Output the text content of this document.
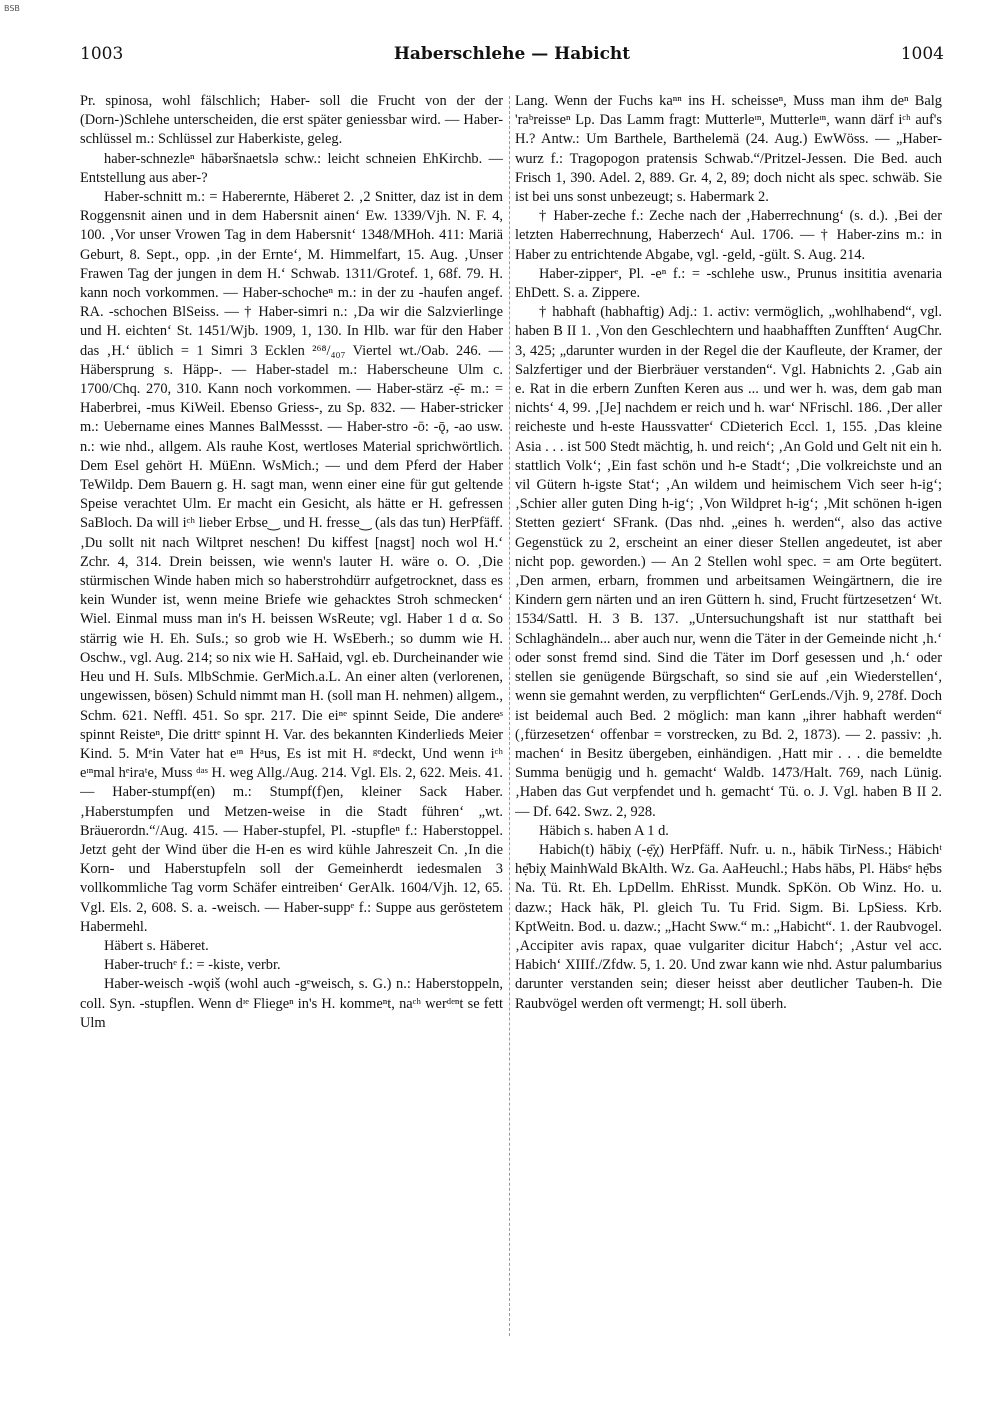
BSB
1003	Haberschlehe — Habicht	1004

Pr. spinosa, wohl fälschlich; Haber- soll die Frucht von der der (Dorn-)Schlehe unterscheiden, die erst später geniessbar wird. — Haber-schlüssel m.: Schlüssel zur Haberkiste, geleg.

haber-schnezleⁿ hābəršnaetslə schw.: leicht schneien EhKirchb. — Entstellung aus aber-?

Haber-schnitt m.: = Haberernte, Häberet 2. ‚2 Snitter, daz ist in dem Roggensnit ainen und in dem Habersnit ainen‘ Ew. 1339/Vjh. N. F. 4, 100. ‚Vor unser Vrowen Tag in dem Habersnit‘ 1348/MHoh. 411: Mariä Geburt, 8. Sept., opp. ‚in der Ernte‘, M. Himmelfart, 15. Aug. ‚Unser Frawen Tag der jungen in dem H.‘ Schwab. 1311/Grotef. 1, 68f. 79. H. kann noch vorkommen. — Haber-schocheⁿ m.: in der zu -haufen angef. RA. -schochen BlSeiss. — † Haber-simri n.: ‚Da wir die Salzvierlinge und H. eichten‘ St. 1451/Wjb. 1909, 1, 130. In Hlb. war für den Haber das ‚H.‘ üblich = 1 Simri 3 Ecklen ²⁶⁸/₄₀₇ Viertel wt./Oab. 246. — Häbersprung s. Häpp-. — Haber-stadel m.: Haberscheune Ulm c. 1700/Chq. 270, 310. Kann noch vorkommen. — Haber-stärz -ẹ̄- m.: = Haberbrei, -mus KiWeil. Ebenso Griess-, zu Sp. 832. — Haber-stricker m.: Uebername eines Mannes BalMessst. — Haber-stro -ō: -ǭ, -ao usw. n.: wie nhd., allgem. Als rauhe Kost, wertloses Material sprichwörtlich. Dem Esel gehört H. MüEnn. WsMich.; — und dem Pferd der Haber TeWildp. Dem Bauern g. H. sagt man, wenn einer eine für gut geltende Speise verachtet Ulm. Er macht ein Gesicht, als hätte er H. gefressen SaBloch. Da will iᶜʰ lieber Erbse‿ und H. fresse‿ (als das tun) HerPfäff. ‚Du sollt nit nach Wiltpret neschen! Du kiffest [nagst] noch wol H.‘ Zchr. 4, 314. Drein beissen, wie wenn's lauter H. wäre o. O. ‚Die stürmischen Winde haben mich so haberstrohdürr aufgetrocknet, dass es kein Wunder ist, wenn meine Briefe wie gehacktes Stroh schmecken‘ Wiel. Einmal muss man in's H. beissen WsReute; vgl. Haber 1 d α. So stärrig wie H. Eh. SuIs.; so grob wie H. WsEberh.; so dumm wie H. Oschw., vgl. Aug. 214; so nix wie H. SaHaid, vgl. eb. Durcheinander wie Heu und H. SuIs. MlbSchmie. GerMich.a.L. An einer alten (verlorenen, ungewissen, bösen) Schuld nimmt man H. (soll man H. nehmen) allgem., Schm. 621. Neffl. 451. So spr. 217. Die eiⁿᵉ spinnt Seide, Die andereˢ spinnt Reisteⁿ, Die drittᵉ spinnt H. Var. des bekannten Kinderlieds Meier Kind. 5. Mᵉin Vater hat eᶦⁿ Hᵃus, Es ist mit H. ᵍᵉdeckt, Und wenn iᶜʰ eᶦⁿmal hᵉiraᵗe, Muss ᵈᵃˢ H. weg Allg./Aug. 214. Vgl. Els. 2, 622. Meis. 41. — Haber-stumpf(en) m.: Stumpf(f)en, kleiner Sack Haber. ‚Haberstumpfen und Metzen-weise in die Stadt führen‘ „wt. Bräuerordn.“/Aug. 415. — Haber-stupfel, Pl. -stupfleⁿ f.: Haberstoppel. Jetzt geht der Wind über die H-en es wird kühle Jahreszeit Cn. ‚In die Korn- und Haberstupfeln soll der Gemeinherdt iedesmalen 3 vollkommliche Tag vorm Schäfer eintreiben‘ GerAlk. 1604/Vjh. 12, 65. Vgl. Els. 2, 608. S. a. -weisch. — Haber-suppᵉ f.: Suppe aus geröstetem Habermehl.

Häbert s. Häberet.

Haber-truchᵉ f.: = -kiste, verbr.

Haber-weisch -wǫiš (wohl auch -gᵉweisch, s. G.) n.: Haberstoppeln, coll. Syn. -stupflen. Wenn dᶦᵉ Fliegeⁿ in's H. kommeⁿt, naᶜʰ werᵈᵉⁿt se fett Ulm

Lang. Wenn der Fuchs kaⁿⁿ ins H. scheisseⁿ, Muss man ihm deⁿ Balg 'raᵇreisseⁿ Lp. Das Lamm fragt: Mutterleᶦⁿ, Mutterleᶦⁿ, wann därf iᶜʰ auf's H.? Antw.: Um Barthele, Barthelemä (24. Aug.) EwWöss. — „Haber-wurz f.: Tragopogon pratensis Schwab.“/Pritzel-Jessen. Die Bed. auch Frisch 1, 390. Adel. 2, 889. Gr. 4, 2, 89; doch nicht als spec. schwäb. Sie ist bei uns sonst unbezeugt; s. Habermark 2.

† Haber-zeche f.: Zeche nach der ‚Haberrechnung‘ (s. d.). ‚Bei der letzten Haberrechnung, Haberzech‘ Aul. 1706. — † Haber-zins m.: in Haber zu entrichtende Abgabe, vgl. -geld, -gült. S. Aug. 214.

Haber-zipperᵉ, Pl. -eⁿ f.: = -schlehe usw., Prunus insititia avenaria EhDett. S. a. Zippere.

† habhaft (habhaftig) Adj.: 1. activ: vermöglich, „wohlhabend“, vgl. haben B II 1. ‚Von den Geschlechtern und haabhafften Zunfften‘ AugChr. 3, 425; „darunter wurden in der Regel die der Kaufleute, der Kramer, der Salzfertiger und der Bierbräuer verstanden“. Vgl. Habnichts 2. ‚Gab ain e. Rat in die erbern Zunften Keren aus ... und wer h. was, dem gab man nichts‘ 4, 99. ‚[Je] nachdem er reich und h. war‘ NFrischl. 186. ‚Der aller reicheste und h-este Haussvatter‘ CDieterich Eccl. 1, 155. ‚Das kleine Asia . . . ist 500 Stedt mächtig, h. und reich‘; ‚An Gold und Gelt nit ein h. stattlich Volk‘; ‚Ein fast schön und h-e Stadt‘; ‚Die volkreichste und an vil Gütern h-igste Stat‘; ‚An wildem und heimischem Vich seer h-ig‘; ‚Schier aller guten Ding h-ig‘; ‚Von Wildpret h-ig‘; ‚Mit schönen h-igen Stetten geziert‘ SFrank. (Das nhd. „eines h. werden“, also das active Gegenstück zu 2, erscheint an einer dieser Stellen angedeutet, ist aber nicht pop. geworden.) — An 2 Stellen wohl spec. = am Orte begütert. ‚Den armen, erbarn, frommen und arbeitsamen Weingärtnern, die ire Kindern gern närten und an iren Güttern h. sind, Frucht fürtzesetzen‘ Wt. 1534/Sattl. H. 3 B. 137. „Untersuchungshaft ist nur statthaft bei Schlaghändeln... aber auch nur, wenn die Täter in der Gemeinde nicht ‚h.‘ oder sonst fremd sind. Sind die Täter im Dorf gesessen und ‚h.‘ oder stellen sie genügende Bürgschaft, so sind sie auf ‚ein Wiederstellen‘, wenn sie gemahnt werden, zu verpflichten“ GerLends./Vjh. 9, 278f. Doch ist beidemal auch Bed. 2 möglich: man kann „ihrer habhaft werden“ (‚fürzesetzen‘ offenbar = vorstrecken, zu Bd. 2, 1873). — 2. passiv: ‚h. machen‘ in Besitz übergeben, einhändigen. ‚Hatt mir . . . die bemeldte Summa benügig und h. gemacht‘ Waldb. 1473/Halt. 769, nach Lünig. ‚Haben das Gut verpfendet und h. gemacht‘ Tü. o. J. Vgl. haben B II 2. — Df. 642. Swz. 2, 928.

Häbich s. haben A 1 d.

Habich(t) hābiχ (-ẹ̄χ) HerPfäff. Nufr. u. n., hābik TirNess.; Häbichᵗ hẹ̄biχ MainhWald BkAlth. Wz. Ga. AaHeuchl.; Habs hābs, Pl. Häbsᵉ hẹ̄bs Na. Tü. Rt. Eh. LpDellm. EhRisst. Mundk. SpKön. Ob Winz. Ho. u. dazw.; Hack hāk, Pl. gleich Tu. Tu Frid. Sigm. Bi. LpSiess. Krb. KptWeitn. Bod. u. dazw.; „Hacht Sww.“ m.: „Habicht“. 1. der Raubvogel. ‚Accipiter avis rapax, quae vulgariter dicitur Habch‘; ‚Astur vel acc. Habich‘ XIIIf./Zfdw. 5, 1. 20. Und zwar kann wie nhd. Astur palumbarius darunter verstanden sein; dieser heisst aber deutlicher Tauben-h. Die Raubvögel werden oft vermengt; H. soll überh.
